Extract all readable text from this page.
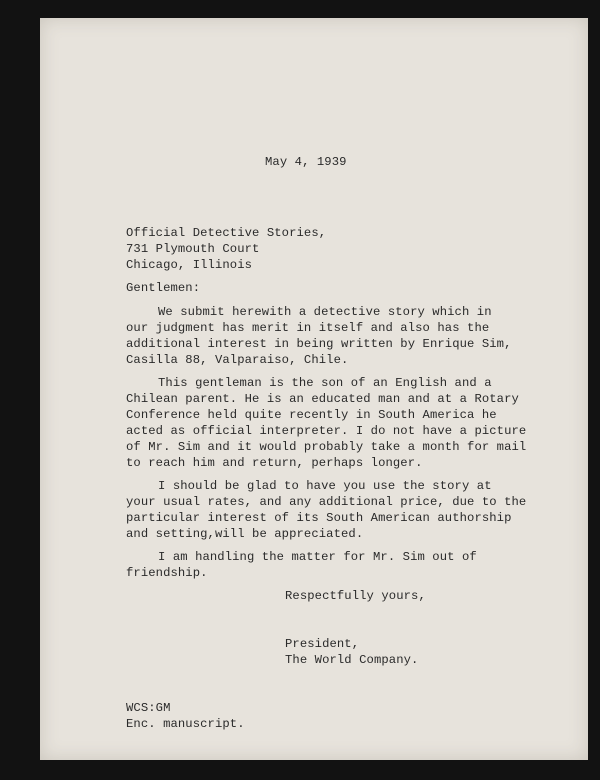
May 4, 1939
Official Detective Stories,
731 Plymouth Court
Chicago, Illinois
Gentlemen:
We submit herewith a detective story which in
our judgment has merit in itself and also has the
additional interest in being written by Enrique Sim,
Casilla 88, Valparaiso, Chile.
This gentleman is the son of an English and a
Chilean parent. He is an educated man and at a Rotary
Conference held quite recently in South America he
acted as official interpreter. I do not have a picture
of Mr. Sim and it would probably take a month for mail
to reach him and return, perhaps longer.
I should be glad to have you use the story at
your usual rates, and any additional price, due to the
particular interest of its South American authorship
and setting,will be appreciated.
I am handling the matter for Mr. Sim out of
friendship.
Respectfully yours,
President,
The World Company.
WCS:GM
Enc. manuscript.
